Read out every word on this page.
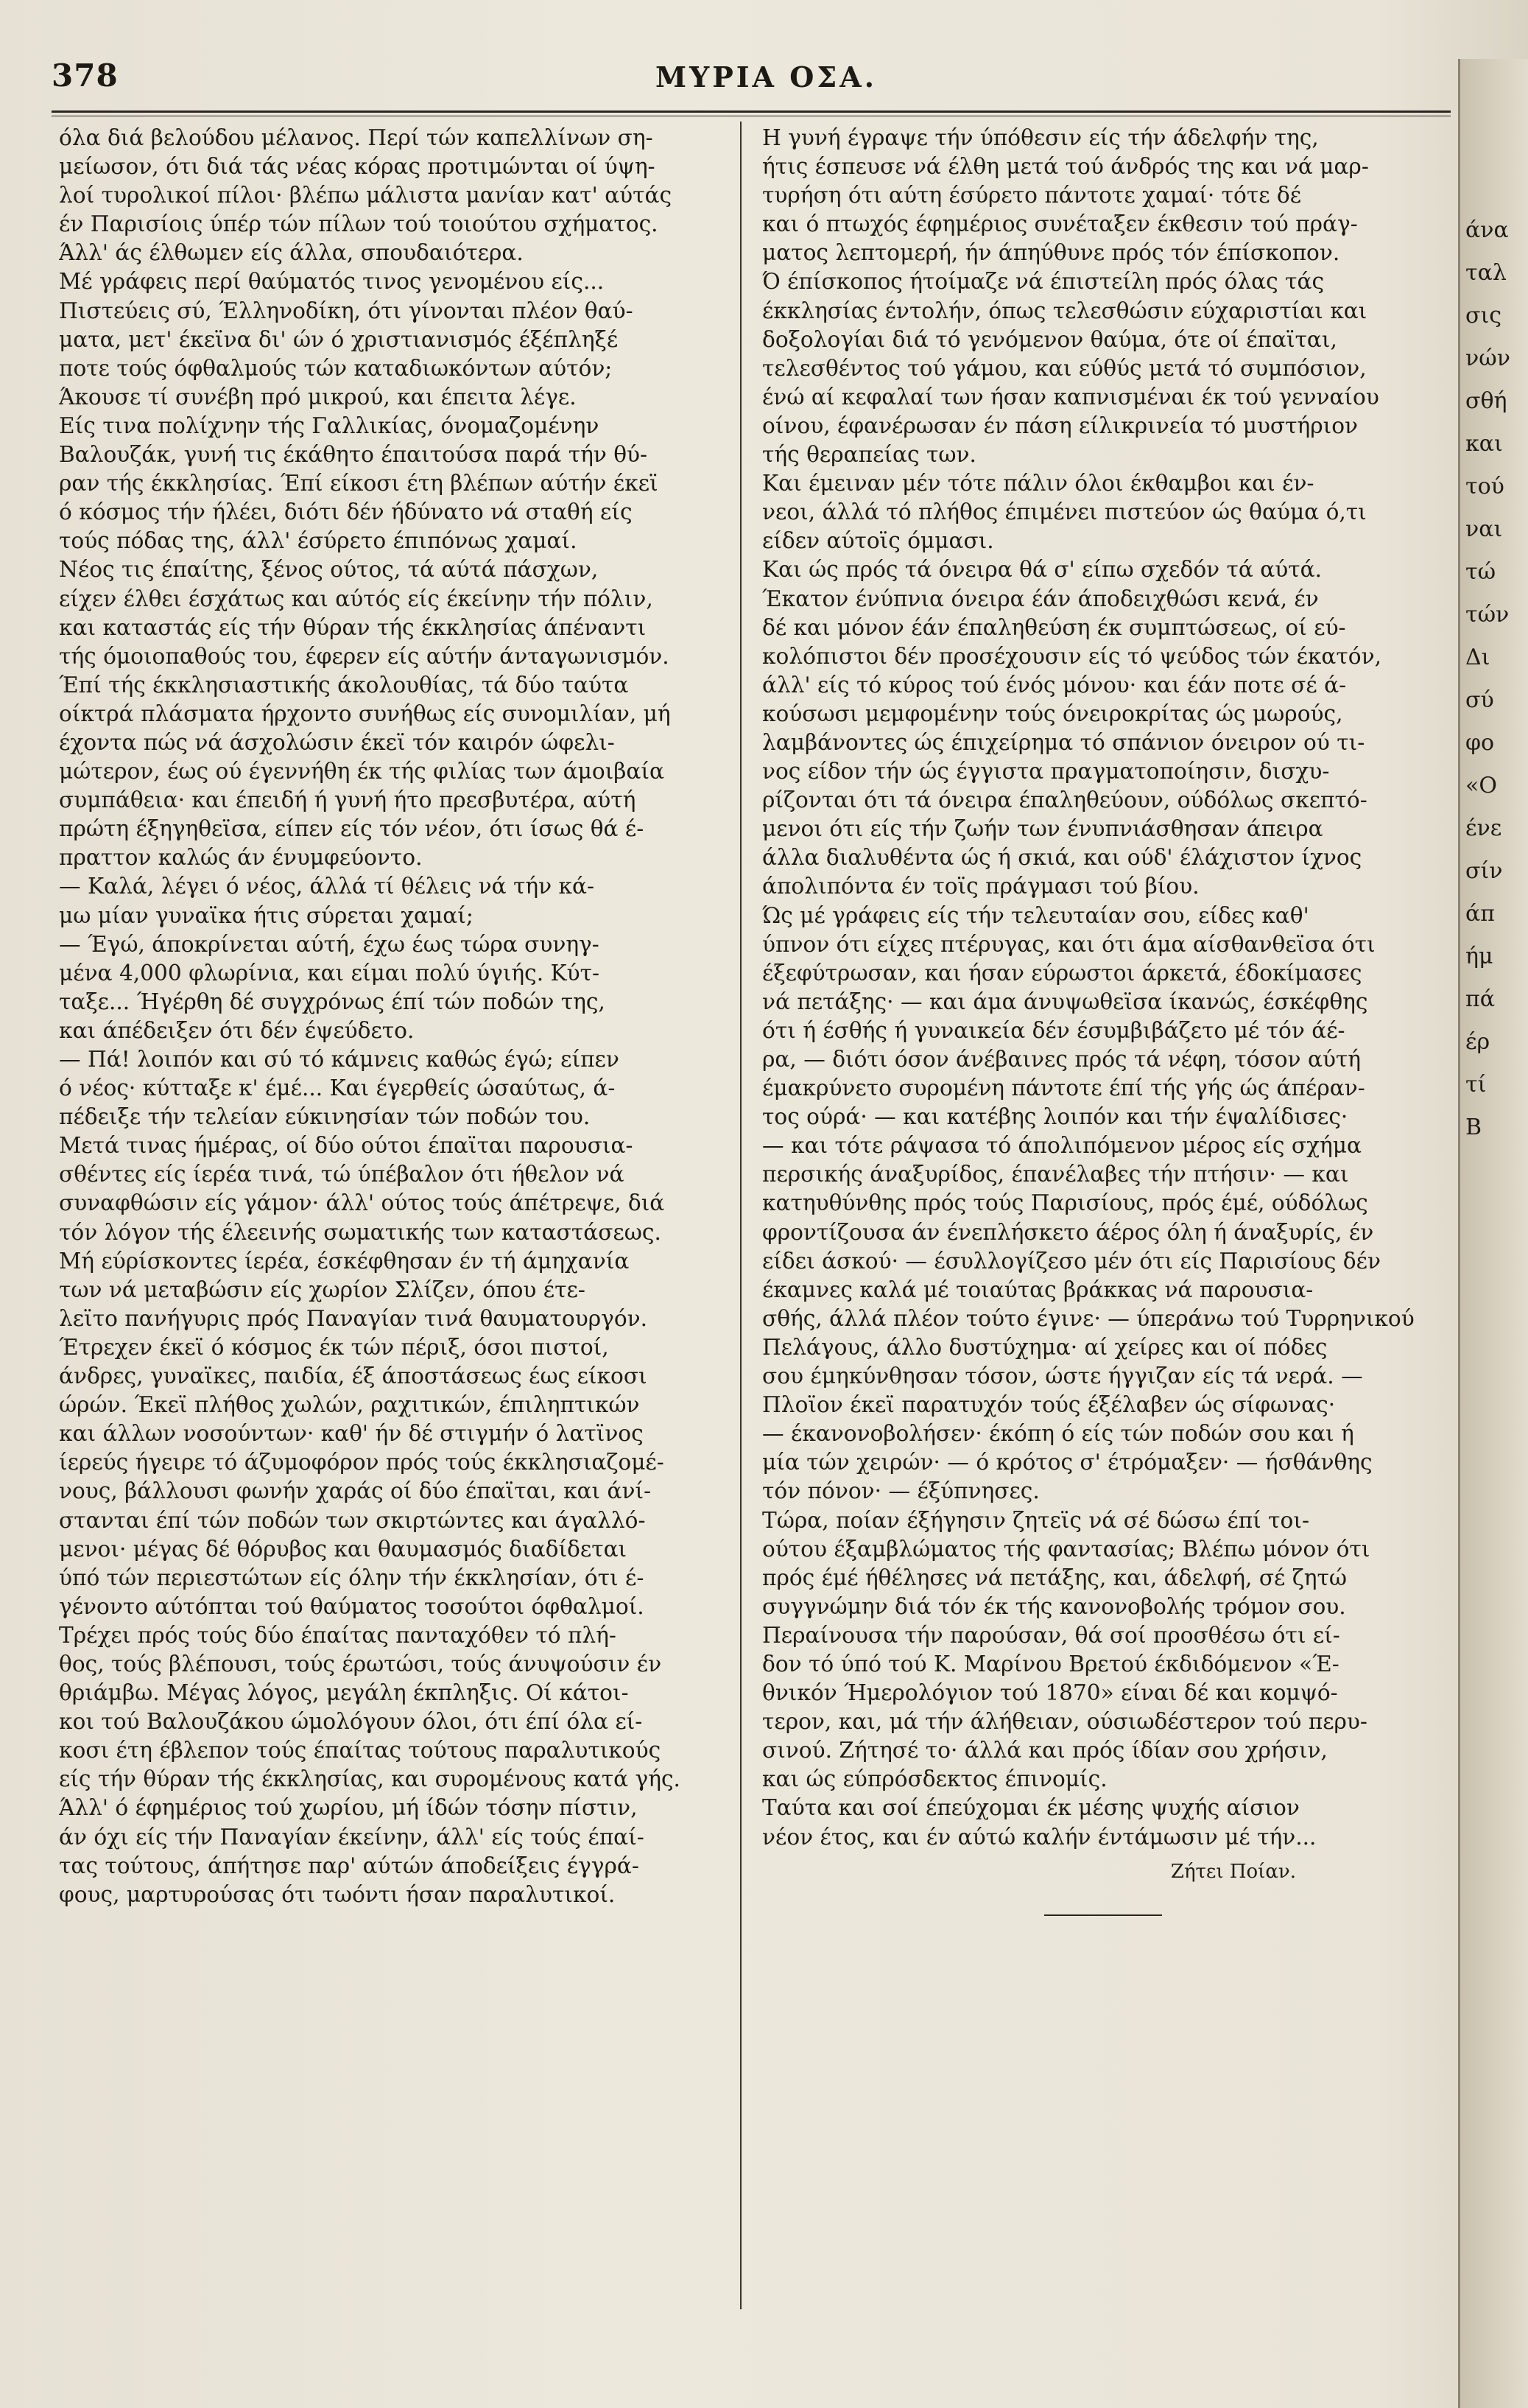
378	ΜΥΡΙΑ ΟΣΑ.
όλα διά βελούδου μέλανος. Περί τών καπελλίνων ση-
μείωσον, ότι διά τάς νέας κόρας προτιμώνται οί ύψη-
λοί τυρολικοί πίλοι· βλέπω μάλιστα μανίαν κατ' αύτάς
έν Παρισίοις ύπέρ τών πίλων τού τοιούτου σχήματος.
Άλλ' άς έλθωμεν είς άλλα, σπουδαιότερα.
Μέ γράφεις περί θαύματός τινος γενομένου είς...
Πιστεύεις σύ, Έλληνοδίκη, ότι γίνονται πλέον θαύ-
ματα, μετ' έκεϊνα δι' ών ό χριστιανισμός έξέπληξέ
ποτε τούς όφθαλμούς τών καταδιωκόντων αύτόν;
Άκουσε τί συνέβη πρό μικρού, και έπειτα λέγε.
Είς τινα πολίχνην τής Γαλλικίας, όνομαζομένην
Βαλουζάκ, γυνή τις έκάθητο έπαιτούσα παρά τήν θύ-
ραν τής έκκλησίας. Έπί είκοσι έτη βλέπων αύτήν έκεϊ
ό κόσμος τήν ήλέει, διότι δέν ήδύνατο νά σταθή είς
τούς πόδας της, άλλ' έσύρετο έπιπόνως χαμαί.
Νέος τις έπαίτης, ξένος ούτος, τά αύτά πάσχων,
είχεν έλθει έσχάτως και αύτός είς έκείνην τήν πόλιν,
και καταστάς είς τήν θύραν τής έκκλησίας άπέναντι
τής όμοιοπαθούς του, έφερεν είς αύτήν άνταγωνισμόν.
Έπί τής έκκλησιαστικής άκολουθίας, τά δύο ταύτα
οίκτρά πλάσματα ήρχοντο συνήθως είς συνομιλίαν, μή
έχοντα πώς νά άσχολώσιν έκεϊ τόν καιρόν ώφελι-
μώτερον, έως ού έγεννήθη έκ τής φιλίας των άμοιβαία
συμπάθεια· και έπειδή ή γυνή ήτο πρεσβυτέρα, αύτή
πρώτη έξηγηθεϊσα, είπεν είς τόν νέον, ότι ίσως θά έ-
πραττον καλώς άν ένυμφεύοντο.
— Καλά, λέγει ό νέος, άλλά τί θέλεις νά τήν κά-
μω μίαν γυναϊκα ήτις σύρεται χαμαί;
— Έγώ, άποκρίνεται αύτή, έχω έως τώρα συνηγ-
μένα 4,000 φλωρίνια, και είμαι πολύ ύγιής. Κύτ-
ταξε... Ήγέρθη δέ συγχρόνως έπί τών ποδών της,
και άπέδειξεν ότι δέν έψεύδετο.
— Πά! λοιπόν και σύ τό κάμνεις καθώς έγώ; είπεν
ό νέος· κύτταξε κ' έμέ... Και έγερθείς ώσαύτως, ά-
πέδειξε τήν τελείαν εύκινησίαν τών ποδών του.
Μετά τινας ήμέρας, οί δύο ούτοι έπαϊται παρουσια-
σθέντες είς ίερέα τινά, τώ ύπέβαλον ότι ήθελον νά
συναφθώσιν είς γάμον· άλλ' ούτος τούς άπέτρεψε, διά
τόν λόγον τής έλεεινής σωματικής των καταστάσεως.
Μή εύρίσκοντες ίερέα, έσκέφθησαν έν τή άμηχανία
των νά μεταβώσιν είς χωρίον Σλίζεν, όπου έτε-
λεϊτο πανήγυρις πρός Παναγίαν τινά θαυματουργόν.
Έτρεχεν έκεϊ ό κόσμος έκ τών πέριξ, όσοι πιστοί,
άνδρες, γυναϊκες, παιδία, έξ άποστάσεως έως είκοσι
ώρών. Έκεϊ πλήθος χωλών, ραχιτικών, έπιληπτικών
και άλλων νοσούντων· καθ' ήν δέ στιγμήν ό λατϊνος
ίερεύς ήγειρε τό άζυμοφόρον πρός τούς έκκλησιαζομέ-
νους, βάλλουσι φωνήν χαράς οί δύο έπαϊται, και άνί-
στανται έπί τών ποδών των σκιρτώντες και άγαλλό-
μενοι· μέγας δέ θόρυβος και θαυμασμός διαδίδεται
ύπό τών περιεστώτων είς όλην τήν έκκλησίαν, ότι έ-
γένοντο αύτόπται τού θαύματος τοσούτοι όφθαλμοί.
Τρέχει πρός τούς δύο έπαίτας πανταχόθεν τό πλή-
θος, τούς βλέπουσι, τούς έρωτώσι, τούς άνυψούσιν έν
θριάμβω. Μέγας λόγος, μεγάλη έκπληξις. Οί κάτοι-
κοι τού Βαλουζάκου ώμολόγουν όλοι, ότι έπί όλα εί-
κοσι έτη έβλεπον τούς έπαίτας τούτους παραλυτικούς
είς τήν θύραν τής έκκλησίας, και συρομένους κατά γής.
Άλλ' ό έφημέριος τού χωρίου, μή ίδών τόσην πίστιν,
άν όχι είς τήν Παναγίαν έκείνην, άλλ' είς τούς έπαί-
τας τούτους, άπήτησε παρ' αύτών άποδείξεις έγγρά-
φους, μαρτυρούσας ότι τωόντι ήσαν παραλυτικοί.
Η γυνή έγραψε τήν ύπόθεσιν είς τήν άδελφήν της,
ήτις έσπευσε νά έλθη μετά τού άνδρός της και νά μαρ-
τυρήση ότι αύτη έσύρετο πάντοτε χαμαί· τότε δέ
και ό πτωχός έφημέριος συνέταξεν έκθεσιν τού πράγ-
ματος λεπτομερή, ήν άπηύθυνε πρός τόν έπίσκοπον.
Ό έπίσκοπος ήτοίμαζε νά έπιστείλη πρός όλας τάς
έκκλησίας έντολήν, όπως τελεσθώσιν εύχαριστίαι και
δοξολογίαι διά τό γενόμενον θαύμα, ότε οί έπαϊται,
τελεσθέντος τού γάμου, και εύθύς μετά τό συμπόσιον,
ένώ αί κεφαλαί των ήσαν καπνισμέναι έκ τού γενναίου
οίνου, έφανέρωσαν έν πάση είλικρινεία τό μυστήριον
τής θεραπείας των.
Και έμειναν μέν τότε πάλιν όλοι έκθαμβοι και έν-
νεοι, άλλά τό πλήθος έπιμένει πιστεύον ώς θαύμα ό,τι
είδεν αύτοϊς όμμασι.
Και ώς πρός τά όνειρα θά σ' είπω σχεδόν τά αύτά.
Έκατον ένύπνια όνειρα έάν άποδειχθώσι κενά, έν
δέ και μόνον έάν έπαληθεύση έκ συμπτώσεως, οί εύ-
κολόπιστοι δέν προσέχουσιν είς τό ψεύδος τών έκατόν,
άλλ' είς τό κύρος τού ένός μόνου· και έάν ποτε σέ ά-
κούσωσι μεμφομένην τούς όνειροκρίτας ώς μωρούς,
λαμβάνοντες ώς έπιχείρημα τό σπάνιον όνειρον ού τι-
νος είδον τήν ώς έγγιστα πραγματοποίησιν, δισχυ-
ρίζονται ότι τά όνειρα έπαληθεύουν, ούδόλως σκεπτό-
μενοι ότι είς τήν ζωήν των ένυπνιάσθησαν άπειρα
άλλα διαλυθέντα ώς ή σκιά, και ούδ' έλάχιστον ίχνος
άπολιπόντα έν τοϊς πράγμασι τού βίου.
Ώς μέ γράφεις είς τήν τελευταίαν σου, είδες καθ'
ύπνον ότι είχες πτέρυγας, και ότι άμα αίσθανθεϊσα ότι
έξεφύτρωσαν, και ήσαν εύρωστοι άρκετά, έδοκίμασες
νά πετάξης· — και άμα άνυψωθεϊσα ίκανώς, έσκέφθης
ότι ή έσθής ή γυναικεία δέν έσυμβιβάζετο μέ τόν άέ-
ρα, — διότι όσον άνέβαινες πρός τά νέφη, τόσον αύτή
έμακρύνετο συρομένη πάντοτε έπί τής γής ώς άπέραν-
τος ούρά· — και κατέβης λοιπόν και τήν έψαλίδισες·
— και τότε ράψασα τό άπολιπόμενον μέρος είς σχήμα
περσικής άναξυρίδος, έπανέλαβες τήν πτήσιν· — και
κατηυθύνθης πρός τούς Παρισίους, πρός έμέ, ούδόλως
φροντίζουσα άν ένεπλήσκετο άέρος όλη ή άναξυρίς, έν
είδει άσκού· — έσυλλογίζεσο μέν ότι είς Παρισίους δέν
έκαμνες καλά μέ τοιαύτας βράκκας νά παρουσια-
σθής, άλλά πλέον τούτο έγινε· — ύπεράνω τού Τυρρηνικού
Πελάγους, άλλο δυστύχημα· αί χείρες και οί πόδες
σου έμηκύνθησαν τόσον, ώστε ήγγιζαν είς τά νερά. —
Πλοϊον έκεϊ παρατυχόν τούς έξέλαβεν ώς σίφωνας·
— έκανονοβολήσεν· έκόπη ό είς τών ποδών σου και ή
μία τών χειρών· — ό κρότος σ' έτρόμαξεν· — ήσθάνθης
τόν πόνον· — έξύπνησες.
Τώρα, ποίαν έξήγησιν ζητεϊς νά σέ δώσω έπί τοι-
ούτου έξαμβλώματος τής φαντασίας; Βλέπω μόνον ότι
πρός έμέ ήθέλησες νά πετάξης, και, άδελφή, σέ ζητώ
συγγνώμην διά τόν έκ τής κανονοβολής τρόμον σου.
Περαίνουσα τήν παρούσαν, θά σοί προσθέσω ότι εί-
δον τό ύπό τού Κ. Μαρίνου Βρετού έκδιδόμενον «Έ-
θνικόν Ήμερολόγιον τού 1870» είναι δέ και κομψό-
τερον, και, μά τήν άλήθειαν, ούσιωδέστερον τού περυ-
σινού. Ζήτησέ το· άλλά και πρός ίδίαν σου χρήσιν,
και ώς εύπρόσδεκτος έπινομίς.
Ταύτα και σοί έπεύχομαι έκ μέσης ψυχής αίσιον
νέον έτος, και έν αύτώ καλήν έντάμωσιν μέ τήν...
Ζήτει Ποίαν.
άνα
ταλ
σις
νών
σθή
και
τού
ναι
τώ
τών
Δι
σύ
φο
«Ο
ένε
σίν
άπ
ήμ
πά
έρ
τί
Β
